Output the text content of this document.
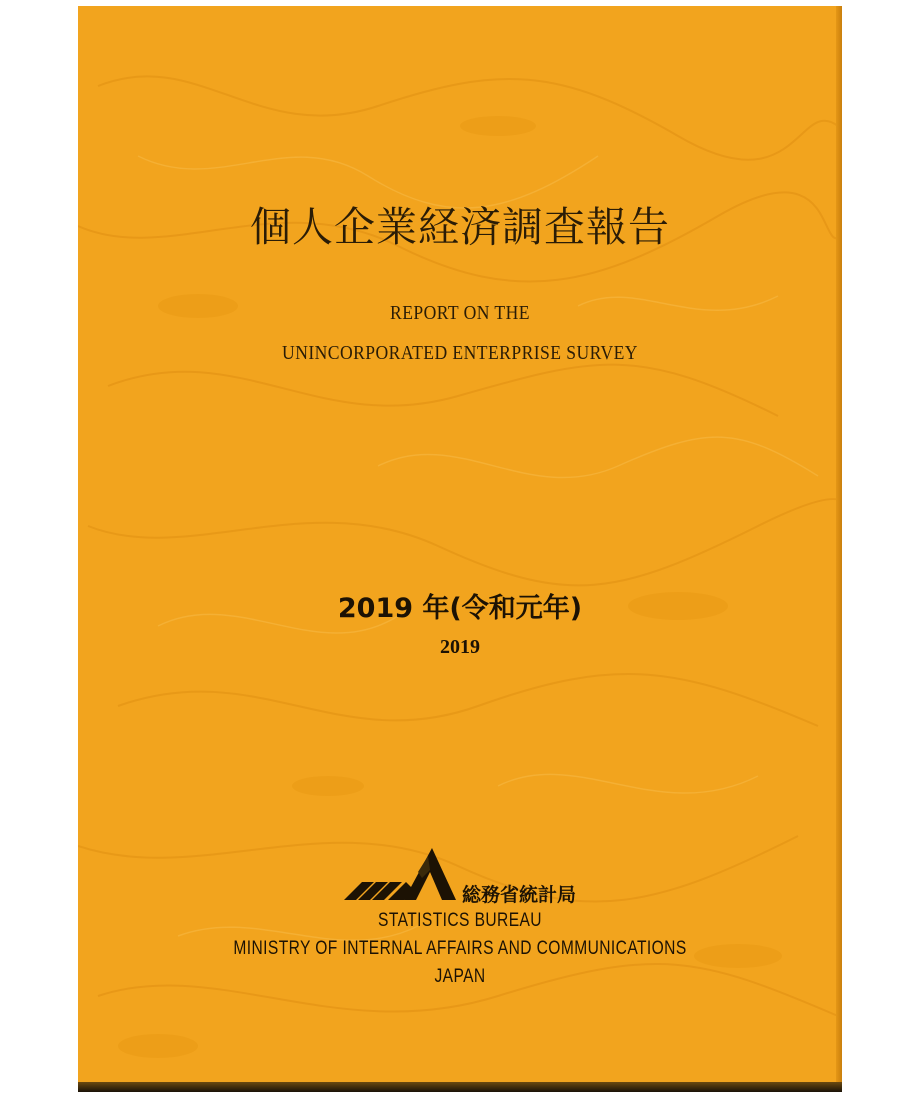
個人企業経済調査報告
REPORT ON THE
UNINCORPORATED ENTERPRISE SURVEY
2019 年(令和元年)
2019
総務省統計局
STATISTICS BUREAU
MINISTRY OF INTERNAL AFFAIRS AND COMMUNICATIONS
JAPAN
